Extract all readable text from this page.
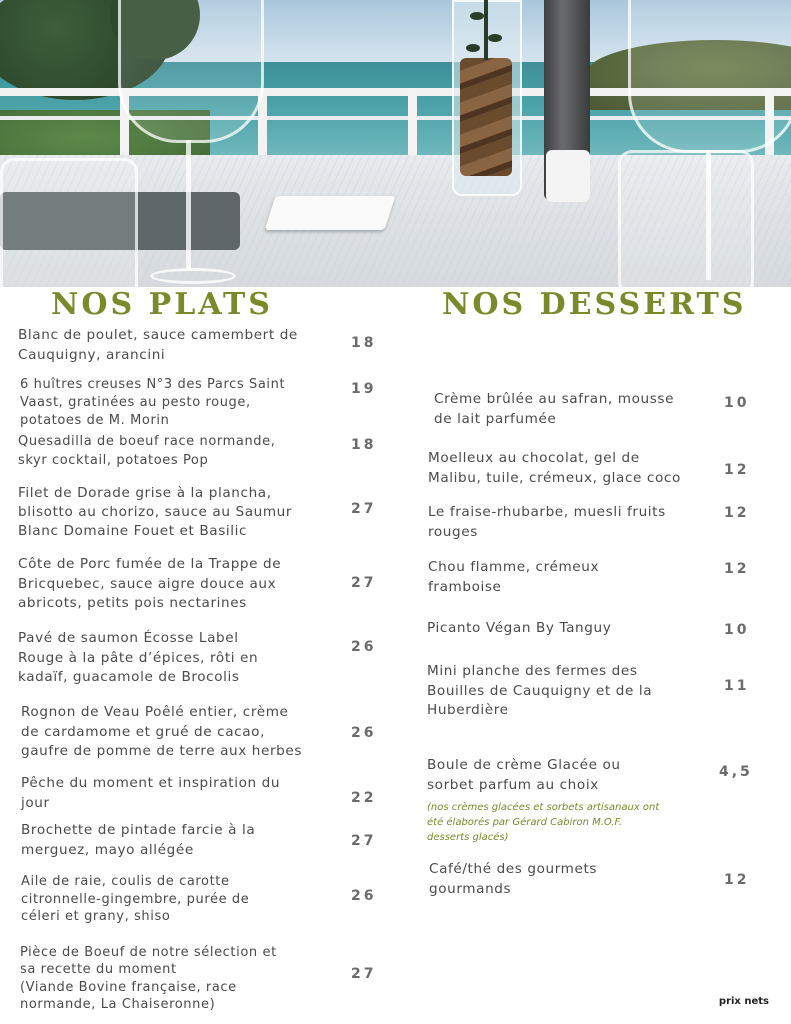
NOS PLATS	NOS DESSERTS
Blanc de poulet, sauce camembert de
Cauquigny, arancini
18
6 huîtres creuses N°3 des Parcs Saint
Vaast, gratinées au pesto rouge,
potatoes de M. Morin
19
Quesadilla de boeuf race normande,
skyr cocktail, potatoes Pop
18
Filet de Dorade grise à la plancha,
blisotto au chorizo, sauce au Saumur
Blanc Domaine Fouet et Basilic
27
Côte de Porc fumée de la Trappe de
Bricquebec, sauce aigre douce aux
abricots, petits pois nectarines
27
Pavé de saumon Écosse Label
Rouge à la pâte d’épices, rôti en
kadaïf, guacamole de Brocolis
26
Rognon de Veau Poêlé entier, crème
de cardamome et grué de cacao,
gaufre de pomme de terre aux herbes
26
Pêche du moment et inspiration du
jour	22
Brochette de pintade farcie à la
merguez, mayo allégée
27
Aile de raie, coulis de carotte
citronnelle-gingembre, purée de
céleri et grany, shiso
26
Pièce de Boeuf de notre sélection et
sa recette du moment
(Viande Bovine française, race
normande, La Chaiseronne)
27
Crème brûlée au safran, mousse
de lait parfumée
10
Moelleux au chocolat, gel de
Malibu, tuile, crémeux, glace coco	12
Le fraise-rhubarbe, muesli fruits
rouges
12
Chou flamme, crémeux
framboise
12
Picanto Végan By Tanguy	10
Mini planche des fermes des
Bouilles de Cauquigny et de la
Huberdière
11
Boule de crème Glacée ou
sorbet parfum au choix
4,5
(nos crèmes glacées et sorbets artisanaux ont
été élaborés par Gérard Cabiron M.O.F.
desserts glacés)
Café/thé des gourmets
gourmands
12
prix nets
